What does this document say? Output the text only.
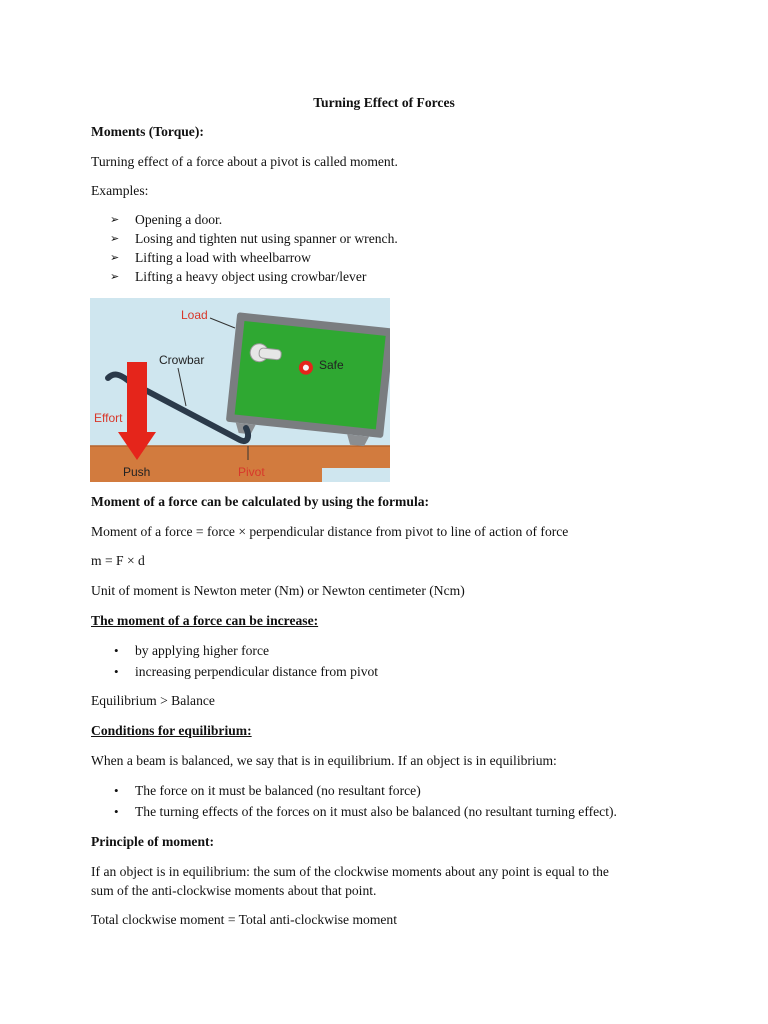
Turning Effect of Forces
Moments (Torque):
Turning effect of a force about a pivot is called moment.
Examples:
➢ Opening a door.
➢ Losing and tighten nut using spanner or wrench.
➢ Lifting a load with wheelbarrow
➢ Lifting a heavy object using crowbar/lever
Load
Crowbar	Safe
Effort
Push	Pivot
Moment of a force can be calculated by using the formula:
Moment of a force = force × perpendicular distance from pivot to line of action of force
m = F × d
Unit of moment is Newton meter (Nm) or Newton centimeter (Ncm)
The moment of a force can be increase:
• by applying higher force
• increasing perpendicular distance from pivot
Equilibrium > Balance
Conditions for equilibrium:
When a beam is balanced, we say that is in equilibrium. If an object is in equilibrium:
• The force on it must be balanced (no resultant force)
• The turning effects of the forces on it must also be balanced (no resultant turning effect).
Principle of moment:
If an object is in equilibrium: the sum of the clockwise moments about any point is equal to the
sum of the anti-clockwise moments about that point.
Total clockwise moment = Total anti-clockwise moment
